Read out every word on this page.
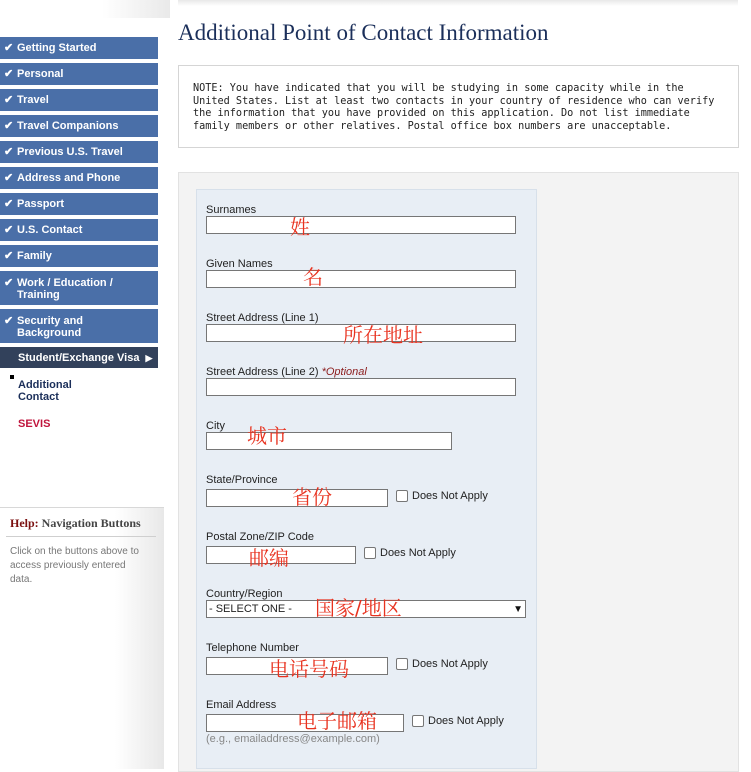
✔ Getting Started
✔ Personal
✔ Travel
✔ Travel Companions
✔ Previous U.S. Travel
✔ Address and Phone
✔ Passport
✔ U.S. Contact
✔ Family
✔ Work / Education / Training
✔ Security and Background
Student/Exchange Visa ▶
Additional Contact
SEVIS
Help: Navigation Buttons
Click on the buttons above to access previously entered data.
Additional Point of Contact Information
NOTE: You have indicated that you will be studying in some capacity while in the United States. List at least two contacts in your country of residence who can verify the information that you have provided on this application. Do not list immediate family members or other relatives. Postal office box numbers are unacceptable.
Surnames
姓
Given Names
名
Street Address (Line 1)
所在地址
Street Address (Line 2) *Optional
City 城市
State/Province
省份	Does Not Apply
Postal Zone/ZIP Code
邮编	Does Not Apply
Country/Region
- SELECT ONE -	▼
国家/地区
Telephone Number
电话号码	Does Not Apply
Email Address
电子邮箱	Does Not Apply
(e.g., emailaddress@example.com)
